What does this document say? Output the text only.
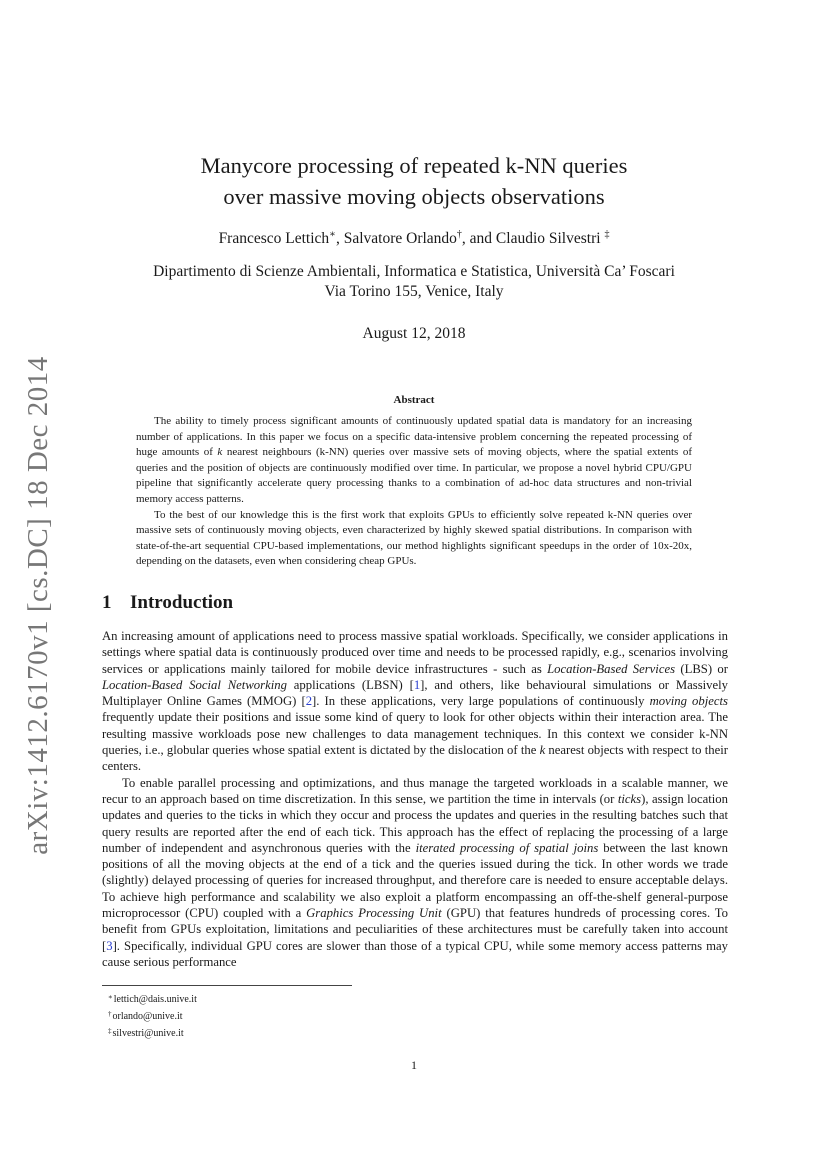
arXiv:1412.6170v1 [cs.DC] 18 Dec 2014
Manycore processing of repeated k-NN queries
over massive moving objects observations
Francesco Lettich∗, Salvatore Orlando†, and Claudio Silvestri ‡
Dipartimento di Scienze Ambientali, Informatica e Statistica, Università Ca’ Foscari
Via Torino 155, Venice, Italy
August 12, 2018
Abstract

The ability to timely process significant amounts of continuously updated spatial data is mandatory for an increasing number of applications. In this paper we focus on a specific data-intensive problem concerning the repeated processing of huge amounts of k nearest neighbours (k-NN) queries over massive sets of moving objects, where the spatial extents of queries and the position of objects are continuously modified over time. In particular, we propose a novel hybrid CPU/GPU pipeline that significantly accelerate query processing thanks to a combination of ad-hoc data structures and non-trivial memory access patterns.

To the best of our knowledge this is the first work that exploits GPUs to efficiently solve repeated k-NN queries over massive sets of continuously moving objects, even characterized by highly skewed spatial distributions. In comparison with state-of-the-art sequential CPU-based implementations, our method highlights significant speedups in the order of 10x-20x, depending on the datasets, even when considering cheap GPUs.

1 Introduction

An increasing amount of applications need to process massive spatial workloads. Specifically, we consider applications in settings where spatial data is continuously produced over time and needs to be processed rapidly, e.g., scenarios involving services or applications mainly tailored for mobile device infrastructures - such as Location-Based Services (LBS) or Location-Based Social Networking applications (LBSN) [1], and others, like behavioural simulations or Massively Multiplayer Online Games (MMOG) [2]. In these applications, very large populations of continuously moving objects frequently update their positions and issue some kind of query to look for other objects within their interaction area. The resulting massive workloads pose new challenges to data management techniques. In this context we consider k-NN queries, i.e., globular queries whose spatial extent is dictated by the dislocation of the k nearest objects with respect to their centers.

To enable parallel processing and optimizations, and thus manage the targeted workloads in a scalable manner, we recur to an approach based on time discretization. In this sense, we partition the time in intervals (or ticks), assign location updates and queries to the ticks in which they occur and process the updates and queries in the resulting batches such that query results are reported after the end of each tick. This approach has the effect of replacing the processing of a large number of independent and asynchronous queries with the iterated processing of spatial joins between the last known positions of all the moving objects at the end of a tick and the queries issued during the tick. In other words we trade (slightly) delayed processing of queries for increased throughput, and therefore care is needed to ensure acceptable delays. To achieve high performance and scalability we also exploit a platform encompassing an off-the-shelf general-purpose microprocessor (CPU) coupled with a Graphics Processing Unit (GPU) that features hundreds of processing cores. To benefit from GPUs exploitation, limitations and peculiarities of these architectures must be carefully taken into account [3]. Specifically, individual GPU cores are slower than those of a typical CPU, while some memory access patterns may cause serious performance

∗lettich@dais.unive.it
†orlando@unive.it
‡silvestri@unive.it
1
